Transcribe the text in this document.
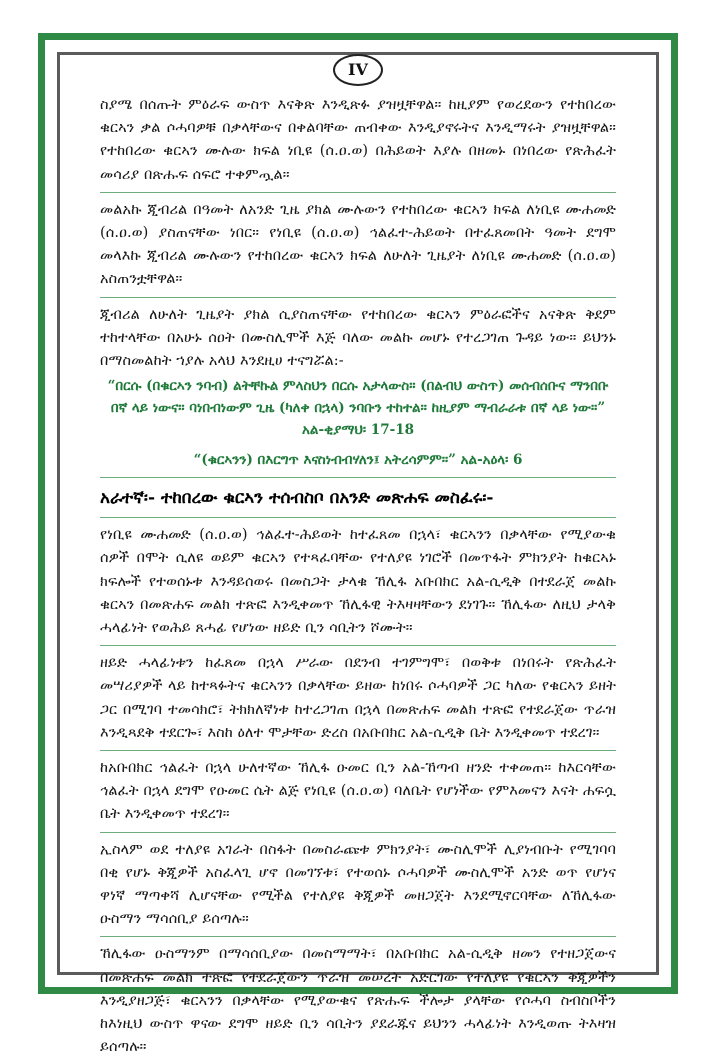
IV

ስያሜ በሰጡት ምዕራፍ ውስጥ እናቅጽ እንዲጽፉ ያዝዟቸዋል። ከዚያም የወረደውን የተከበረው ቁርኣን ቃል ሶሓባዎቹ በቃላቸውና በቀልባቸው ጠብቀው እንዲያኖሩትና እንዲማሩት ያዝዟቸዋል። የተከበረው ቁርኣን ሙሉው ክፍል ነቢዩ (ሰ.ዐ.ወ) በሕይወት እያሉ በዘመኑ በነበረው የጽሕፈት መሳሪያ በጽሑፍ ሰፍሮ ተቀምጧል።

መልአኩ ጂብሪል በዓመት ለአንድ ጊዜ ያክል ሙሉውን የተከበረው ቁርኣን ክፍል ለነቢዩ ሙሐመድ (ሰ.ዐ.ወ) ያስጠናቸው ነበር። የነቢዩ (ሰ.ዐ.ወ) ኅልፈተ-ሕይወት በተፈጸመበት ዓመት ደግሞ መላእኩ ጂብሪል ሙሉውን የተከበረው ቁርኣን ክፍል ለሁለት ጊዜያት ለነቢዩ ሙሐመድ (ሰ.ዐ.ወ) አስጠንቷቸዋል።

ጂብሪል ለሁለት ጊዜያት ያክል ሲያስጠናቸው የተከበረው ቁርኣን ምዕራፎችና አናቅጽ ቅደም ተከተላቸው በአሁኑ ሰዐት በሙስሊሞች እጅ ባለው መልኩ መሆኑ የተረጋገጠ ጉዳይ ነው። ይህንኑ በማስመልከት ኀያሉ አላህ እንደዚሀ ተናግሯል:-

“በርሱ (በቁርኣን ንባብ) ልትቸኩል ምላስህን በርሱ አታላውስ። (በልብህ ውስጥ) መሰብሰቡና ማንበቡ በኛ ላይ ነውና። ባነበብነውም ጊዜ (ካለቀ በኋላ) ንባቡን ተከተል። ከዚያም ማብራራቱ በኛ ላይ ነው።” አል-ቂያማህ፡ 17-18

“(ቁርኣንን) በእርግጥ እናስነብብሃለን፤ አትረሳምም።” አል-አዕላ፡ 6

አራተኛ፡- ተከበረው ቁርኣን ተሰብስቦ በአንድ መጽሐፍ መስፈሩ፡-

የነቢዩ ሙሐመድ (ሰ.ዐ.ወ) ኅልፈተ-ሕይወት ከተፈጸመ በኋላ፣ ቁርኣንን በቃላቸው የሚያውቁ ሰዎች በሞት ሲለዩ ወይም ቁርኣን የተጻፈባቸው የተለያዩ ነገሮች በመጥፋት ምክንያት ከቁርኣኑ ክፍሎች የተወሰኑቱ እንዳይሰወሩ በመስጋት ታላቁ ኸሊፋ አቡበክር አል-ሲዲቅ በተደራጀ መልኩ ቁርኣን በመጽሐፍ መልክ ተጽፎ እንዲቀመጥ ኸሊፋዊ ትእዛዛቸውን ደነገጉ። ኸሊፋው ለዚህ ታላቅ ሓላፊነት የወሕይ ጸሓፊ የሆነው ዘይድ ቢን ሳቢትን ሾሙት።

ዘይድ ሓላፊነቱን ከፈጸመ በኋላ ሥራው በደንብ ተገምግሞ፣ በወቅቱ በነበሩት የጽሕፈት መሣሪያዎች ላይ ከተጻፉትና ቁርኣንን በቃላቸው ይዘው ከነበሩ ሶሓባዎች ጋር ካለው የቁርኣን ይዘት ጋር በሚገባ ተመሳክሮ፣ ትክክለኛነቱ ከተረጋገጠ በኋላ በመጽሐፍ መልክ ተጽፎ የተደራጀው ጥራዝ እንዲጻደቅ ተደርጐ፣ እስከ ዕለተ ሞታቸው ድረስ በአቡበክር አል-ሲዲቅ ቤት እንዲቀመጥ ተደረገ።

ከአቡበክር ኅልፈት በኋላ ሁለተኛው ኸሊፋ ዑመር ቢን አል-ኸጣብ ዘንድ ተቀመጠ። ከእርሳቸው ኅልፈት በኋላ ደግሞ የዑመር ሴት ልጅ የነቢዩ (ሰ.ዐ.ወ) ባለቤት የሆነችው የምእመናን እናት ሐፍሷ ቤት እንዲቀመጥ ተደረገ።

ኢስላም ወደ ተለያዩ አገራት በስፋት በመስራጩቱ ምክንያት፣ ሙስሊሞች ሊያነብቡት የሚገባባ በቂ የሆኑ ቅጂዎች አስፈላጊ ሆኖ በመገኘቱ፣ የተወሰኑ ሶሓባዎች ሙስሊሞች አንድ ወጥ የሆነና ዋነኛ ማጣቀሻ ሊሆናቸው የሚችል የተለያዩ ቅጂዎች መዘጋጀት እንደሚኖርባቸው ለኸሊፋው ዑስማን ማሳሰቢያ ይሰጣሉ።

ኸሊፋው ዑስማንም በማሳሰቢያው በመስማማት፣ በአቡበክር አል-ሲዲቅ ዘመን የተዘጋጀውና በመጽሐፍ መልክ ተጽፎ የተደራጀውን ጥራዝ መሠረት አድርገው የተለያዩ የቁርኣን ቅጂዎችን እንዲያዘጋጅ፣ ቁርኣንን በቃላቸው የሚያውቁና የጽሑፍ ችሎታ ያላቸው የሶሓባ ስብስቦችን ከእነዚህ ውስጥ ዋናው ደግሞ ዘይድ ቢን ሳቢትን ያደራጁና ይህንን ሓላፊነት እንዲወጡ ትእዛዝ ይሰጣሉ።
